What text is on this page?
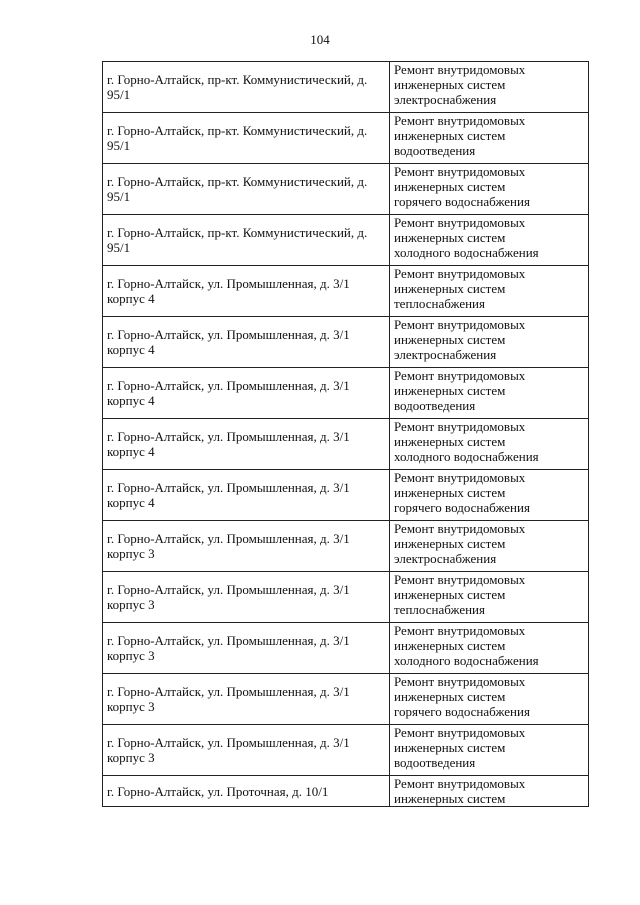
104
г. Горно-Алтайск, пр-кт. Коммунистический, д. 95/1	Ремонт внутридомовых инженерных систем
электроснабжения

г. Горно-Алтайск, пр-кт. Коммунистический, д. 95/1	Ремонт внутридомовых инженерных систем
водоотведения

г. Горно-Алтайск, пр-кт. Коммунистический, д. 95/1	Ремонт внутридомовых инженерных систем
горячего водоснабжения

г. Горно-Алтайск, пр-кт. Коммунистический, д. 95/1	Ремонт внутридомовых инженерных систем
холодного водоснабжения

г. Горно-Алтайск, ул. Промышленная, д. 3/1 корпус 4	Ремонт внутридомовых инженерных систем
теплоснабжения

г. Горно-Алтайск, ул. Промышленная, д. 3/1 корпус 4	Ремонт внутридомовых инженерных систем
электроснабжения

г. Горно-Алтайск, ул. Промышленная, д. 3/1 корпус 4	Ремонт внутридомовых инженерных систем
водоотведения

г. Горно-Алтайск, ул. Промышленная, д. 3/1 корпус 4	Ремонт внутридомовых инженерных систем
холодного водоснабжения

г. Горно-Алтайск, ул. Промышленная, д. 3/1 корпус 4	Ремонт внутридомовых инженерных систем
горячего водоснабжения

г. Горно-Алтайск, ул. Промышленная, д. 3/1 корпус 3	Ремонт внутридомовых инженерных систем
электроснабжения

г. Горно-Алтайск, ул. Промышленная, д. 3/1 корпус 3	Ремонт внутридомовых инженерных систем
теплоснабжения

г. Горно-Алтайск, ул. Промышленная, д. 3/1 корпус 3	Ремонт внутридомовых инженерных систем
холодного водоснабжения

г. Горно-Алтайск, ул. Промышленная, д. 3/1 корпус 3	Ремонт внутридомовых инженерных систем
горячего водоснабжения

г. Горно-Алтайск, ул. Промышленная, д. 3/1 корпус 3	Ремонт внутридомовых инженерных систем
водоотведения

г. Горно-Алтайск, ул. Проточная, д. 10/1	Ремонт внутридомовых инженерных систем
